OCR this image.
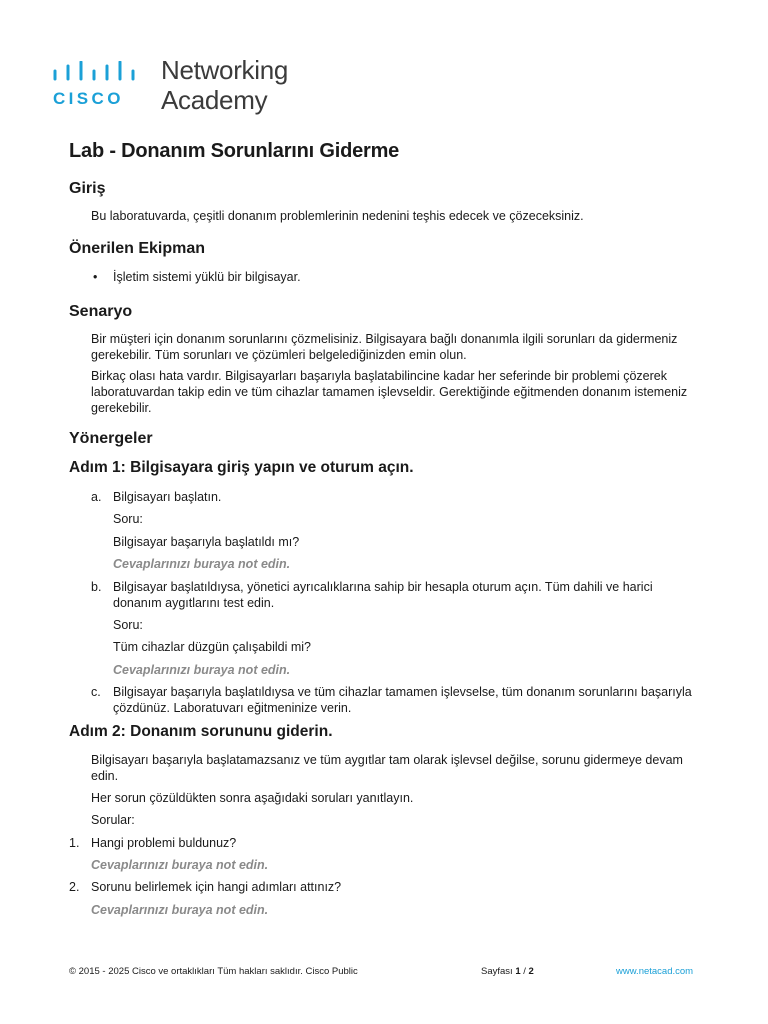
CISCO
Networking
Academy
Lab - Donanım Sorunlarını Giderme
Giriş

Bu laboratuvarda, çeşitli donanım problemlerinin nedenini teşhis edecek ve çözeceksiniz.

Önerilen Ekipman
• İşletim sistemi yüklü bir bilgisayar.
Senaryo

Bir müşteri için donanım sorunlarını çözmelisiniz. Bilgisayara bağlı donanımla ilgili sorunları da gidermeniz

gerekebilir. Tüm sorunları ve çözümleri belgelediğinizden emin olun.

Birkaç olası hata vardır. Bilgisayarları başarıyla başlatabilincine kadar her seferinde bir problemi çözerek

laboratuvardan takip edin ve tüm cihazlar tamamen işlevseldir. Gerektiğinde eğitmenden donanım istemeniz

gerekebilir.

Yönergeler
Adım 1: Bilgisayara giriş yapın ve oturum açın.
a. Bilgisayarı başlatın.

Soru:

Bilgisayar başarıyla başlatıldı mı?

Cevaplarınızı buraya not edin.

b. Bilgisayar başlatıldıysa, yönetici ayrıcalıklarına sahip bir hesapla oturum açın. Tüm dahili ve harici
donanım aygıtlarını test edin.

Soru:

Tüm cihazlar düzgün çalışabildi mi?

Cevaplarınızı buraya not edin.

c. Bilgisayar başarıyla başlatıldıysa ve tüm cihazlar tamamen işlevselse, tüm donanım sorunlarını başarıyla
çözdünüz. Laboratuvarı eğitmeninize verin.
Adım 2: Donanım sorununu giderin.

Bilgisayarı başarıyla başlatamazsanız ve tüm aygıtlar tam olarak işlevsel değilse, sorunu gidermeye devam

edin.

Her sorun çözüldükten sonra aşağıdaki soruları yanıtlayın.

Sorular:

1. Hangi problemi buldunuz?

Cevaplarınızı buraya not edin.

2. Sorunu belirlemek için hangi adımları attınız?

Cevaplarınızı buraya not edin.

© 2015 - 2025 Cisco ve ortaklıkları Tüm hakları saklıdır. Cisco Public	Sayfası 1 / 2	www.netacad.com
